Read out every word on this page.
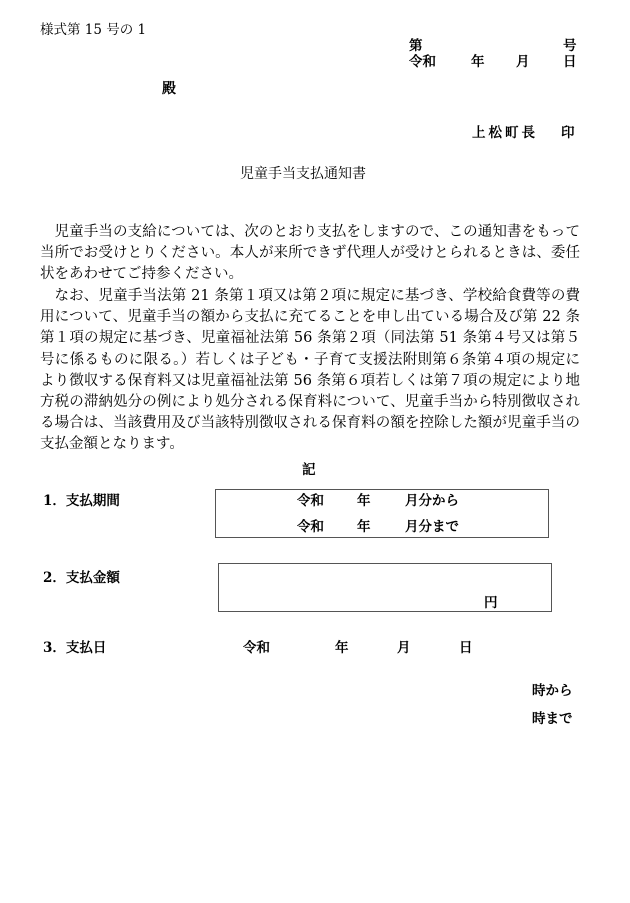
様式第 15 号の 1
第	号
令和	年 月 日
殿
上松町長 印
児童手当支払通知書
児童手当の支給については、次のとおり支払をしますので、この通知書をもって当所でお受けとりください。本人が来所できず代理人が受けとられるときは、委任状をあわせてご持参ください。
なお、児童手当法第 21 条第１項又は第２項に規定に基づき、学校給食費等の費用について、児童手当の額から支払に充てることを申し出ている場合及び第 22 条第１項の規定に基づき、児童福祉法第 56 条第２項（同法第 51 条第４号又は第５号に係るものに限る。）若しくは子ども・子育て支援法附則第６条第４項の規定により徴収する保育料又は児童福祉法第 56 条第６項若しくは第７項の規定により地方税の滞納処分の例により処分される保育料について、児童手当から特別徴収される場合は、当該費用及び当該特別徴収される保育料の額を控除した額が児童手当の支払金額となります。
記
1．支払期間	令和 年	月分から
令和 年	月分まで
2．支払金額
円
3．支払日	令和	年	月	日
時から
時まで
